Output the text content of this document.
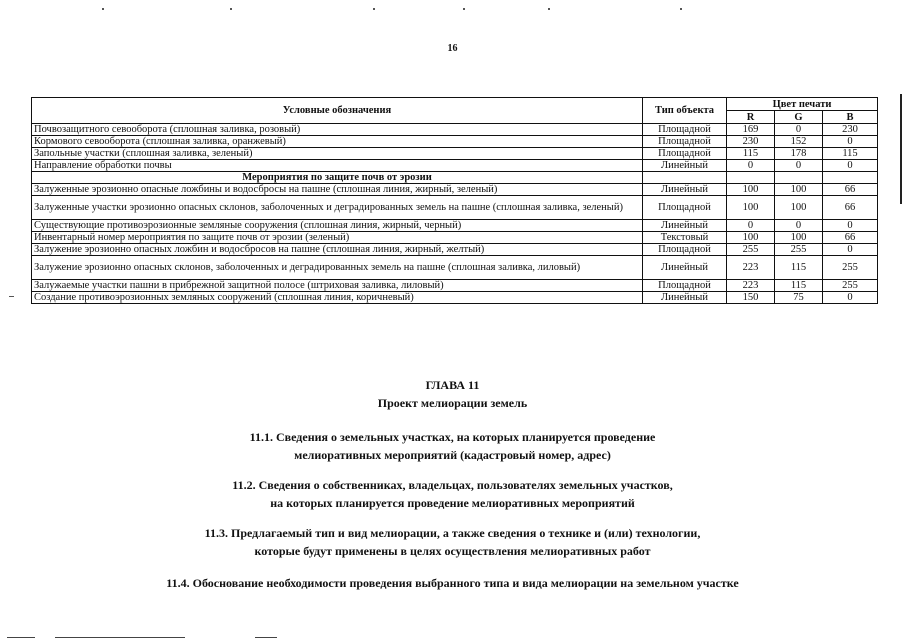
16
Условные обозначения	Тип объекта	Цвет печати		
		R	G	B
Почвозащитного севооборота (сплошная заливка, розовый)	Площадной	169	0	230
Кормового севооборота (сплошная заливка, оранжевый)	Площадной	230	152	0
Запольные участки (сплошная заливка, зеленый)	Площадной	115	178	115
Направление обработки почвы	Линейный	0	0	0
Мероприятия по защите почв от эрозии				
Залуженные эрозионно опасные ложбины и водосбросы на пашне (сплошная линия, жирный, зеленый)	Линейный	100	100	66
Залуженные участки эрозионно опасных склонов, заболоченных и деградированных земель на пашне (сплошная заливка, зеленый)	Площадной	100	100	66
Существующие противоэрозионные земляные сооружения (сплошная линия, жирный, черный)	Линейный	0	0	0
Инвентарный номер мероприятия по защите почв от эрозии (зеленый)	Текстовый	100	100	66
Залужение эрозионно опасных ложбин и водосбросов на пашне (сплошная линия, жирный, желтый)	Площадной	255	255	0
Залужение эрозионно опасных склонов, заболоченных и деградированных земель на пашне (сплошная заливка, лиловый)	Линейный	223	115	255
Залужаемые участки пашни в прибрежной защитной полосе (штриховая заливка, лиловый)	Площадной	223	115	255
Создание противоэрозионных земляных сооружений (сплошная линия, коричневый)	Линейный	150	75	0
ГЛАВА 11
Проект мелиорации земель
11.1. Сведения о земельных участках, на которых планируется проведение
мелиоративных мероприятий (кадастровый номер, адрес)
11.2. Сведения о собственниках, владельцах, пользователях земельных участков,
на которых планируется проведение мелиоративных мероприятий
11.3. Предлагаемый тип и вид мелиорации, а также сведения о технике и (или) технологии,
которые будут применены в целях осуществления мелиоративных работ
11.4. Обоснование необходимости проведения выбранного типа и вида мелиорации на земельном участке
